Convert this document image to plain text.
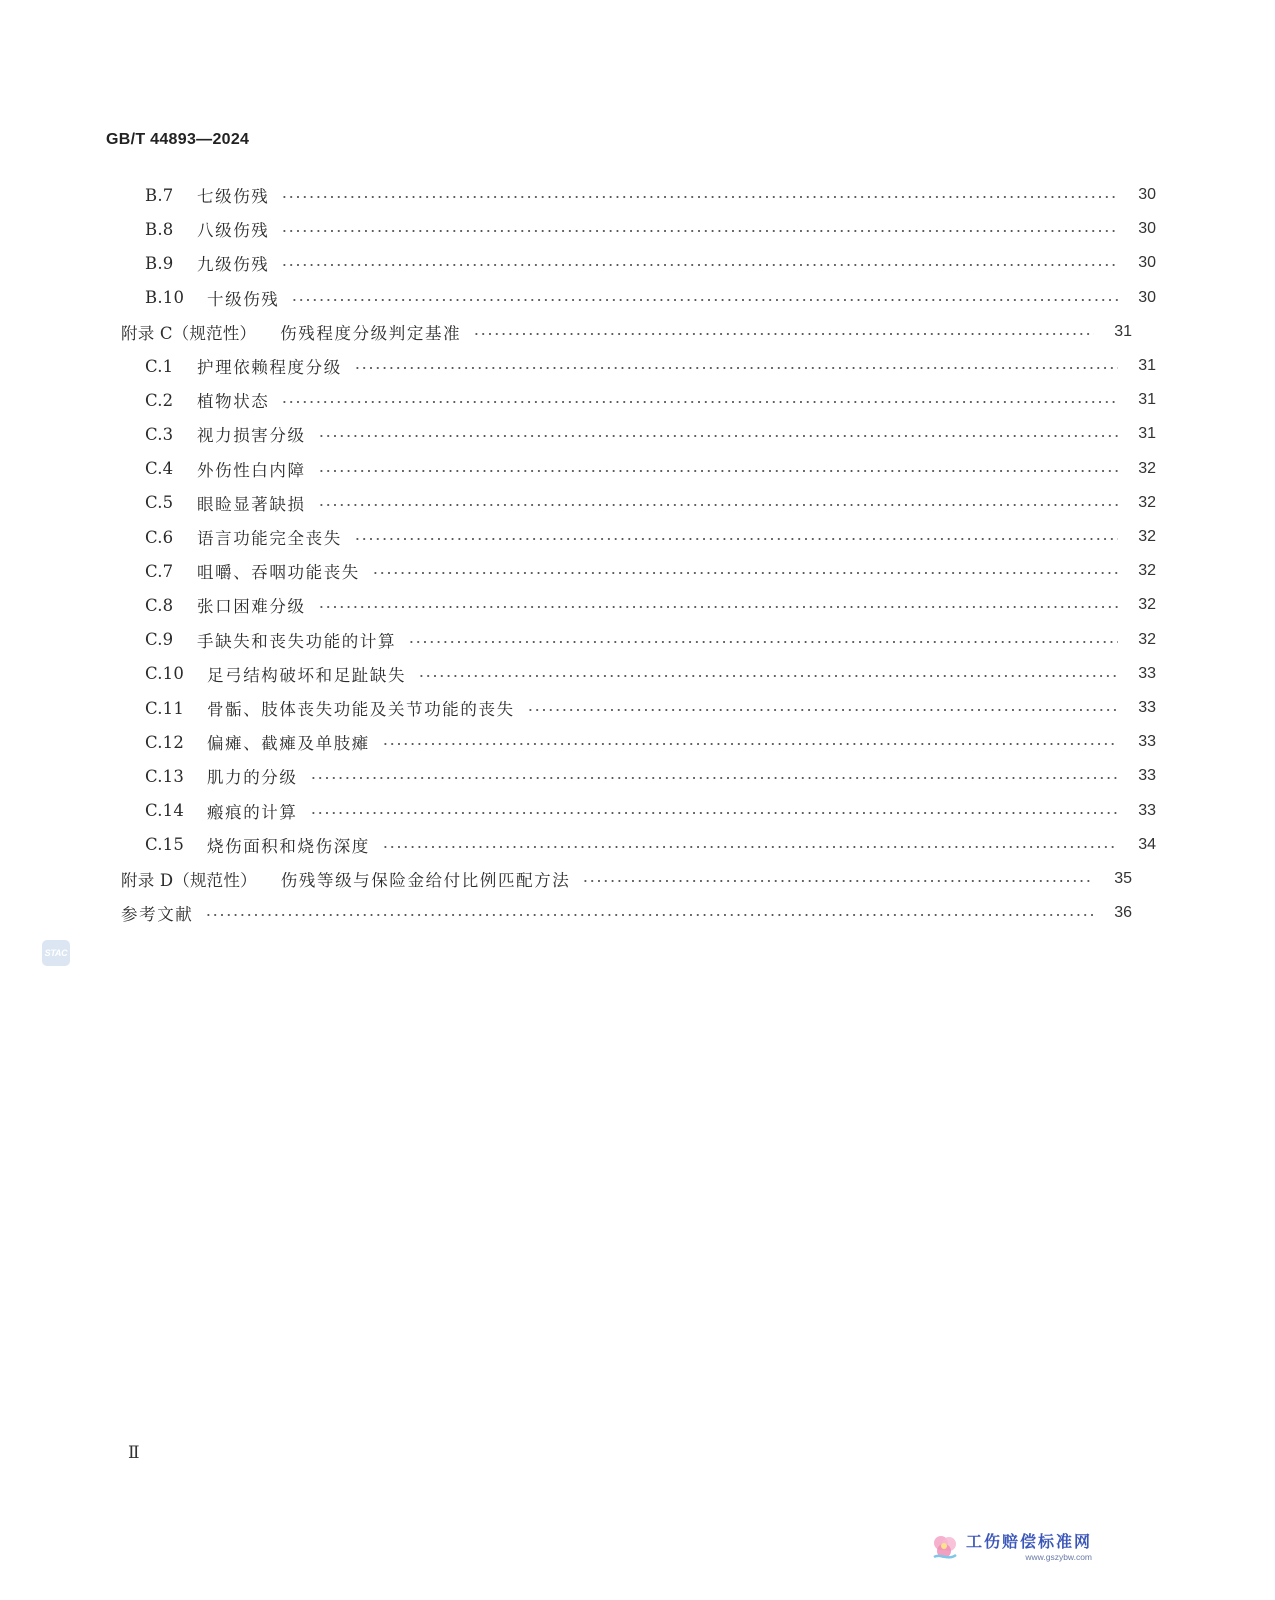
GB/T 44893—2024
B.7	七级伤残	30
B.8	八级伤残	30
B.9	九级伤残	30
B.10	十级伤残	30
附录 C（规范性） 伤残程度分级判定基准	31
C.1	护理依赖程度分级	31
C.2	植物状态	31
C.3	视力损害分级	31
C.4	外伤性白内障	32
C.5	眼睑显著缺损	32
C.6	语言功能完全丧失	32
C.7	咀嚼、吞咽功能丧失	32
C.8	张口困难分级	32
C.9	手缺失和丧失功能的计算	32
C.10	足弓结构破坏和足趾缺失	33
C.11	骨骺、肢体丧失功能及关节功能的丧失	33
C.12	偏瘫、截瘫及单肢瘫	33
C.13	肌力的分级	33
C.14	瘢痕的计算	33
C.15	烧伤面积和烧伤深度	34
附录 D（规范性） 伤残等级与保险金给付比例匹配方法	35
参考文献	36
STAC
Ⅱ
工伤赔偿标准网
www.gszybw.com
